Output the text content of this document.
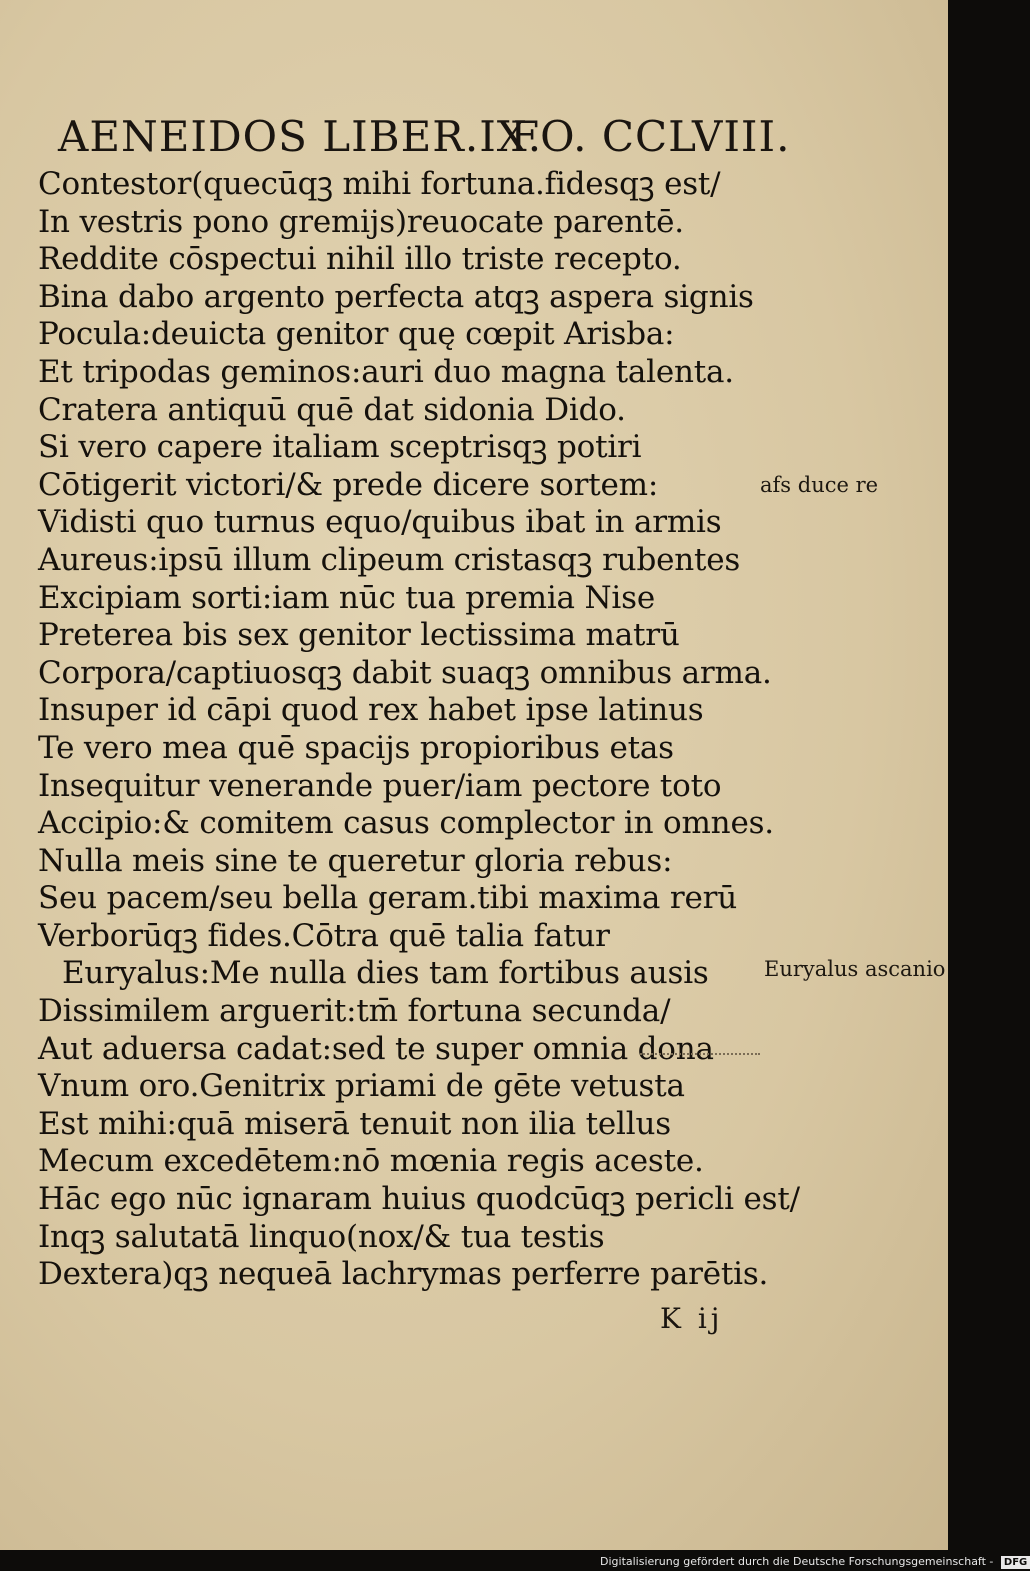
AENEIDOS LIBER.IX.
FO. CCLVIII.
Contestor(quecūqꝫ mihi fortuna.fidesqꝫ est/
In vestris pono gremijs)reuocate parentē.
Reddite cōspectui nihil illo triste recepto.
Bina dabo argento perfecta atqꝫ aspera signis
Pocula:deuicta genitor quę cœpit Arisba:
Et tripodas geminos:auri duo magna talenta.
Cratera antiquū quē dat sidonia Dido.
Si vero capere italiam sceptrisqꝫ potiri
Cōtigerit victori/& prede dicere sortem:
Vidisti quo turnus equo/quibus ibat in armis
Aureus:ipsū illum clipeum cristasqꝫ rubentes
Excipiam sorti:iam nūc tua premia Nise
Preterea bis sex genitor lectissima matrū
Corpora/captiuosqꝫ dabit suaqꝫ omnibus arma.
Insuper id cāpi quod rex habet ipse latinus
Te vero mea quē spacijs propioribus etas
Insequitur venerande puer/iam pectore toto
Accipio:& comitem casus complector in omnes.
Nulla meis sine te queretur gloria rebus:
Seu pacem/seu bella geram.tibi maxima rerū
Verborūqꝫ fides.Cōtra quē talia fatur
Euryalus:Me nulla dies tam fortibus ausis
Dissimilem arguerit:tm̄ fortuna secunda/
Aut aduersa cadat:sed te super omnia dona
Vnum oro.Genitrix priami de gēte vetusta
Est mihi:quā miserā tenuit non ilia tellus
Mecum excedētem:nō mœnia regis aceste.
Hāc ego nūc ignaram huius quodcūqꝫ pericli est/
Inqꝫ salutatā linquo(nox/& tua testis
Dextera)qꝫ nequeā lachrymas perferre parētis.
afs duce re
Euryalus ascanio
K ij
Digitalisierung gefördert durch die Deutsche Forschungsgemeinschaft - DFG
